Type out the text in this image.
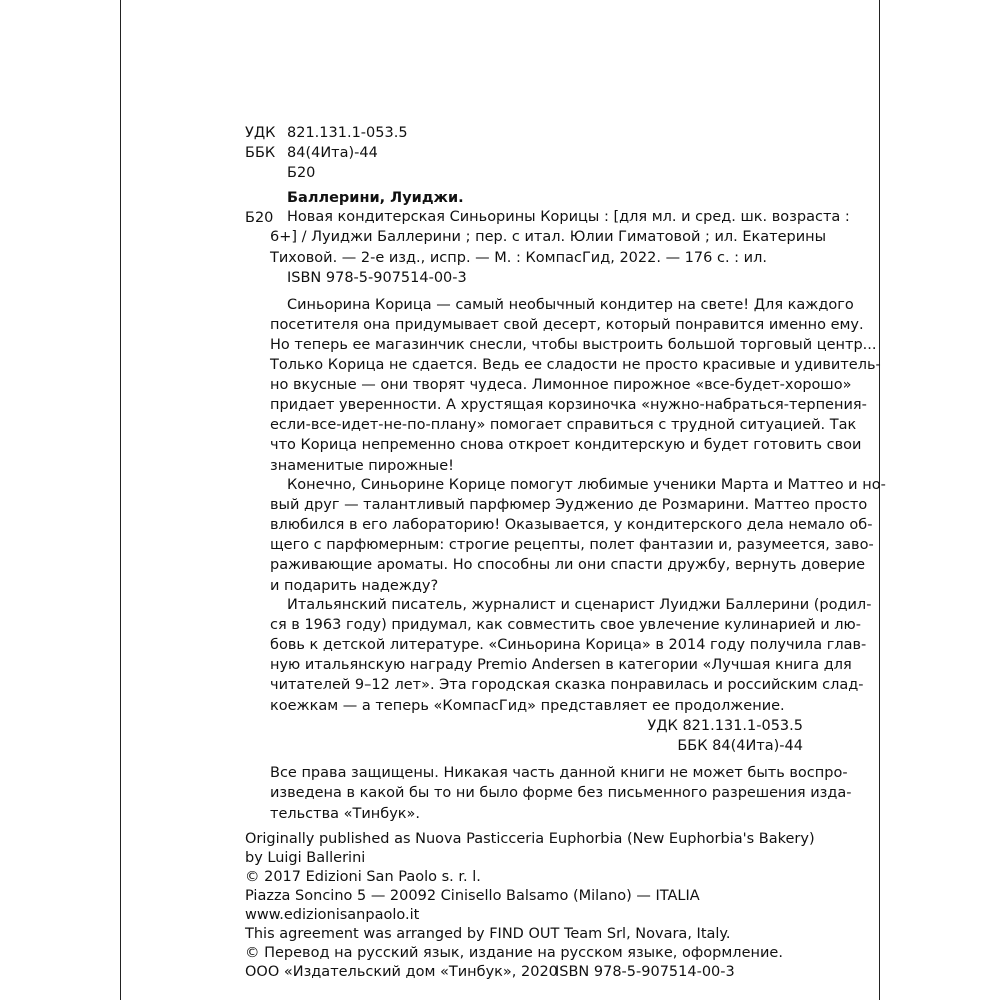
УДК 821.131.1-053.5
ББК 84(4Ита)-44
Б20
Баллерини, Луиджи.
Б20 Новая кондитерская Синьорины Корицы : [для мл. и сред. шк. возраста :
6+] / Луиджи Баллерини ; пер. с итал. Юлии Гиматовой ; ил. Екатерины
Тиховой. — 2-е изд., испр. — М. : КомпасГид, 2022. — 176 с. : ил.
ISBN 978-5-907514-00-3
Синьорина Корица — самый необычный кондитер на свете! Для каждого
посетителя она придумывает свой десерт, который понравится именно ему.
Но теперь ее магазинчик снесли, чтобы выстроить большой торговый центр...
Только Корица не сдается. Ведь ее сладости не просто красивые и удивитель-
но вкусные — они творят чудеса. Лимонное пирожное «все-будет-хорошо»
придает уверенности. А хрустящая корзиночка «нужно-набраться-терпения-
если-все-идет-не-по-плану» помогает справиться с трудной ситуацией. Так
что Корица непременно снова откроет кондитерскую и будет готовить свои
знаменитые пирожные!
Конечно, Синьорине Корице помогут любимые ученики Марта и Маттео и но-
вый друг — талантливый парфюмер Эудженио де Розмарини. Маттео просто
влюбился в его лабораторию! Оказывается, у кондитерского дела немало об-
щего с парфюмерным: строгие рецепты, полет фантазии и, разумеется, заво-
раживающие ароматы. Но способны ли они спасти дружбу, вернуть доверие
и подарить надежду?
Итальянский писатель, журналист и сценарист Луиджи Баллерини (родил-
ся в 1963 году) придумал, как совместить свое увлечение кулинарией и лю-
бовь к детской литературе. «Синьорина Корица» в 2014 году получила глав-
ную итальянскую награду Premio Andersen в категории «Лучшая книга для
читателей 9–12 лет». Эта городская сказка понравилась и российским слад-
коежкам — а теперь «КомпасГид» представляет ее продолжение.
УДК 821.131.1-053.5
ББК 84(4Ита)-44
Все права защищены. Никакая часть данной книги не может быть воспро-
изведена в какой бы то ни было форме без письменного разрешения изда-
тельства «Тинбук».
Originally published as Nuova Pasticceria Euphorbia (New Euphorbia's Bakery)
by Luigi Ballerini
© 2017 Edizioni San Paolo s. r. l.
Piazza Soncino 5 — 20092 Cinisello Balsamo (Milano) — ITALIA
www.edizionisanpaolo.it
This agreement was arranged by FIND OUT Team Srl, Novara, Italy.
© Перевод на русский язык, издание на русском языке, оформление.
ООО «Издательский дом «Тинбук», 2020
ISBN 978-5-907514-00-3
